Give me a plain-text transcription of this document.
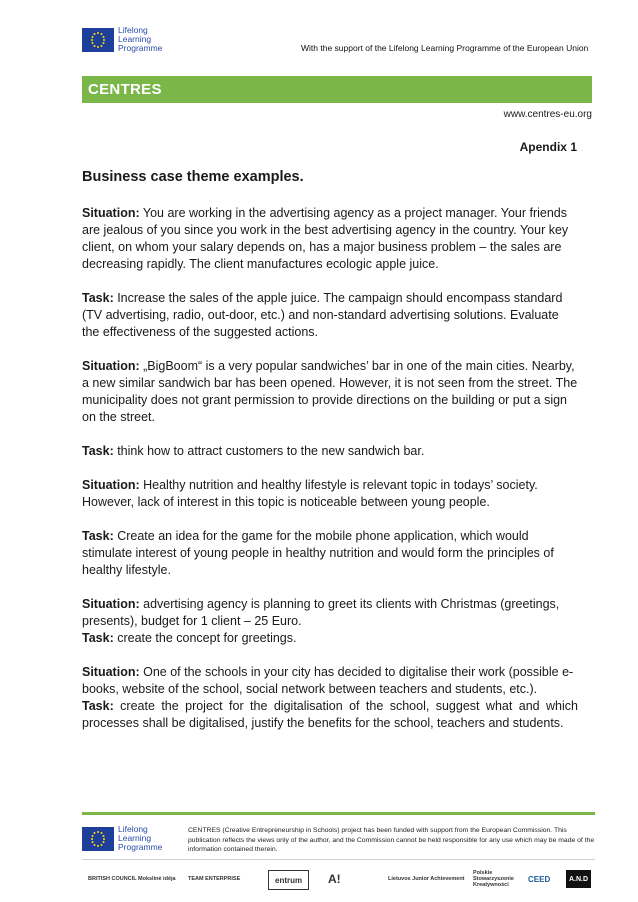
Lifelong
Learning
Programme	With the support of the Lifelong Learning Programme of the European Union
CENTRES
www.centres-eu.org
Apendix 1
Business case theme examples.

Situation: You are working in the advertising agency as a project manager. Your friends are jealous of you since you work in the best advertising agency in the country. Your key client, on whom your salary depends on, has a major business problem – the sales are decreasing rapidly. The client manufactures ecologic apple juice.

Task: Increase the sales of the apple juice. The campaign should encompass standard (TV advertising, radio, out-door, etc.) and non-standard advertising solutions. Evaluate the effectiveness of the suggested actions.

Situation: „BigBoom“ is a very popular sandwiches’ bar in one of the main cities. Nearby, a new similar sandwich bar has been opened. However, it is not seen from the street. The municipality does not grant permission to provide directions on the building or put a sign on the street.

Task: think how to attract customers to the new sandwich bar.

Situation: Healthy nutrition and healthy lifestyle is relevant topic in todays’ society. However, lack of interest in this topic is noticeable between young people.

Task: Create an idea for the game for the mobile phone application, which would stimulate interest of young people in healthy nutrition and would form the principles of healthy lifestyle.

Situation: advertising agency is planning to greet its clients with Christmas (greetings, presents), budget for 1 client – 25 Euro.

Task: create the concept for greetings.

Situation: One of the schools in your city has decided to digitalise their work (possible e-books, website of the school, social network between teachers and students, etc.).

Task: create the project for the digitalisation of the school, suggest what and which processes shall be digitalised, justify the benefits for the school, teachers and students.

Lifelong
Learning
Programme
CENTRES (Creative Entrepreneurship in Schools) project has been funded with support from the European Commission. This publication reflects the views only of the author, and the Commission cannot be held responsible for any use which may be made of the information contained therein.
BRITISH COUNCIL Mokslinė idėja TEAM ENTERPRISE	entrum	A!	Lietuvos Junior Achievement
Polskie Stowarzyszenie Kreatywności
CEED	A.N.D
